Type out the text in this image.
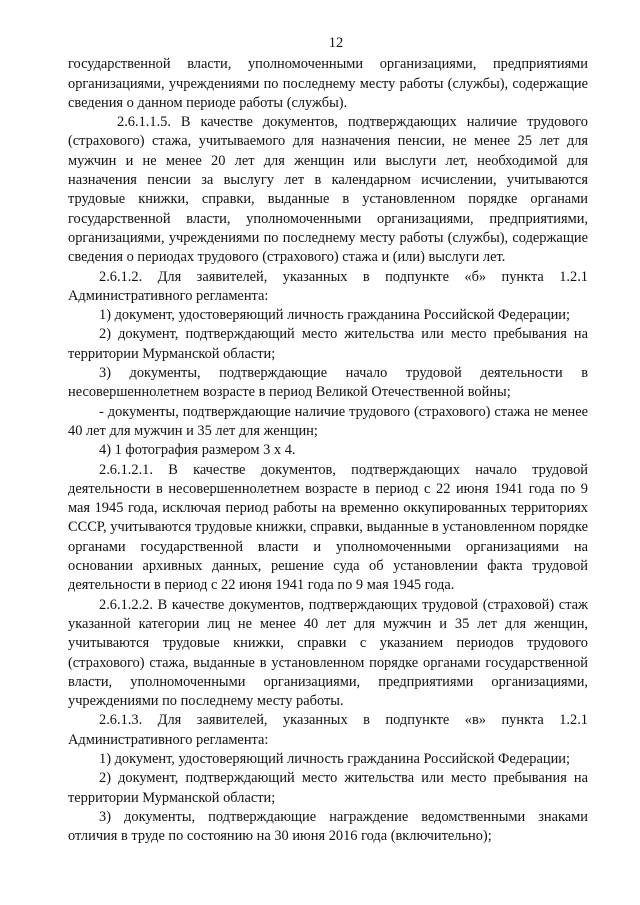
12

государственной власти, уполномоченными организациями, предприятиями организациями, учреждениями по последнему месту работы (службы), содержащие сведения о данном периоде работы (службы).

2.6.1.1.5. В качестве документов, подтверждающих наличие трудового (страхового) стажа, учитываемого для назначения пенсии, не менее 25 лет для мужчин и не менее 20 лет для женщин или выслуги лет, необходимой для назначения пенсии за выслугу лет в календарном исчислении, учитываются трудовые книжки, справки, выданные в установленном порядке органами государственной власти, уполномоченными организациями, предприятиями, организациями, учреждениями по последнему месту работы (службы), содержащие сведения о периодах трудового (страхового) стажа и (или) выслуги лет.

2.6.1.2. Для заявителей, указанных в подпункте «б» пункта 1.2.1 Административного регламента:

1) документ, удостоверяющий личность гражданина Российской Федерации;

2) документ, подтверждающий место жительства или место пребывания на территории Мурманской области;

3) документы, подтверждающие начало трудовой деятельности в несовершеннолетнем возрасте в период Великой Отечественной войны;

- документы, подтверждающие наличие трудового (страхового) стажа не менее 40 лет для мужчин и 35 лет для женщин;

4) 1 фотография размером 3 х 4.

2.6.1.2.1. В качестве документов, подтверждающих начало трудовой деятельности в несовершеннолетнем возрасте в период с 22 июня 1941 года по 9 мая 1945 года, исключая период работы на временно оккупированных территориях СССР, учитываются трудовые книжки, справки, выданные в установленном порядке органами государственной власти и уполномоченными организациями на основании архивных данных, решение суда об установлении факта трудовой деятельности в период с 22 июня 1941 года по 9 мая 1945 года.

2.6.1.2.2. В качестве документов, подтверждающих трудовой (страховой) стаж указанной категории лиц не менее 40 лет для мужчин и 35 лет для женщин, учитываются трудовые книжки, справки с указанием периодов трудового (страхового) стажа, выданные в установленном порядке органами государственной власти, уполномоченными организациями, предприятиями организациями, учреждениями по последнему месту работы.

2.6.1.3. Для заявителей, указанных в подпункте «в» пункта 1.2.1 Административного регламента:

1) документ, удостоверяющий личность гражданина Российской Федерации;

2) документ, подтверждающий место жительства или место пребывания на территории Мурманской области;

3) документы, подтверждающие награждение ведомственными знаками отличия в труде по состоянию на 30 июня 2016 года (включительно);
